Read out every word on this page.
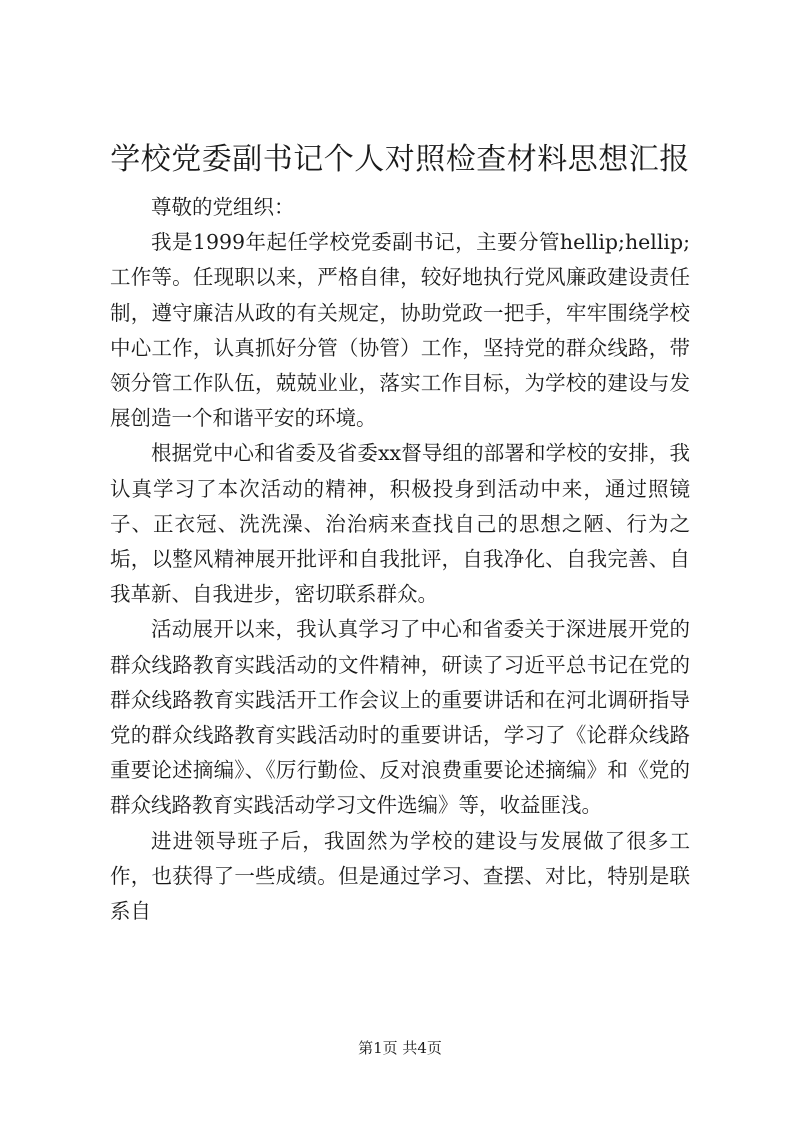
学校党委副书记个人对照检查材料思想汇报

尊敬的党组织：

我是1999年起任学校党委副书记，主要分管hellip;hellip;工作等。任现职以来，严格自律，较好地执行党风廉政建设责任制，遵守廉洁从政的有关规定，协助党政一把手，牢牢围绕学校中心工作，认真抓好分管（协管）工作，坚持党的群众线路，带领分管工作队伍，兢兢业业，落实工作目标，为学校的建设与发展创造一个和谐平安的环境。

根据党中心和省委及省委xx督导组的部署和学校的安排，我认真学习了本次活动的精神，积极投身到活动中来，通过照镜子、正衣冠、洗洗澡、治治病来查找自己的思想之陋、行为之垢，以整风精神展开批评和自我批评，自我净化、自我完善、自我革新、自我进步，密切联系群众。

活动展开以来，我认真学习了中心和省委关于深进展开党的群众线路教育实践活动的文件精神，研读了习近平总书记在党的群众线路教育实践活开工作会议上的重要讲话和在河北调研指导党的群众线路教育实践活动时的重要讲话，学习了《论群众线路重要论述摘编》、《厉行勤俭、反对浪费重要论述摘编》和《党的群众线路教育实践活动学习文件选编》等，收益匪浅。

进进领导班子后，我固然为学校的建设与发展做了很多工作，也获得了一些成绩。但是通过学习、查摆、对比，特别是联系自

第1页 共4页
